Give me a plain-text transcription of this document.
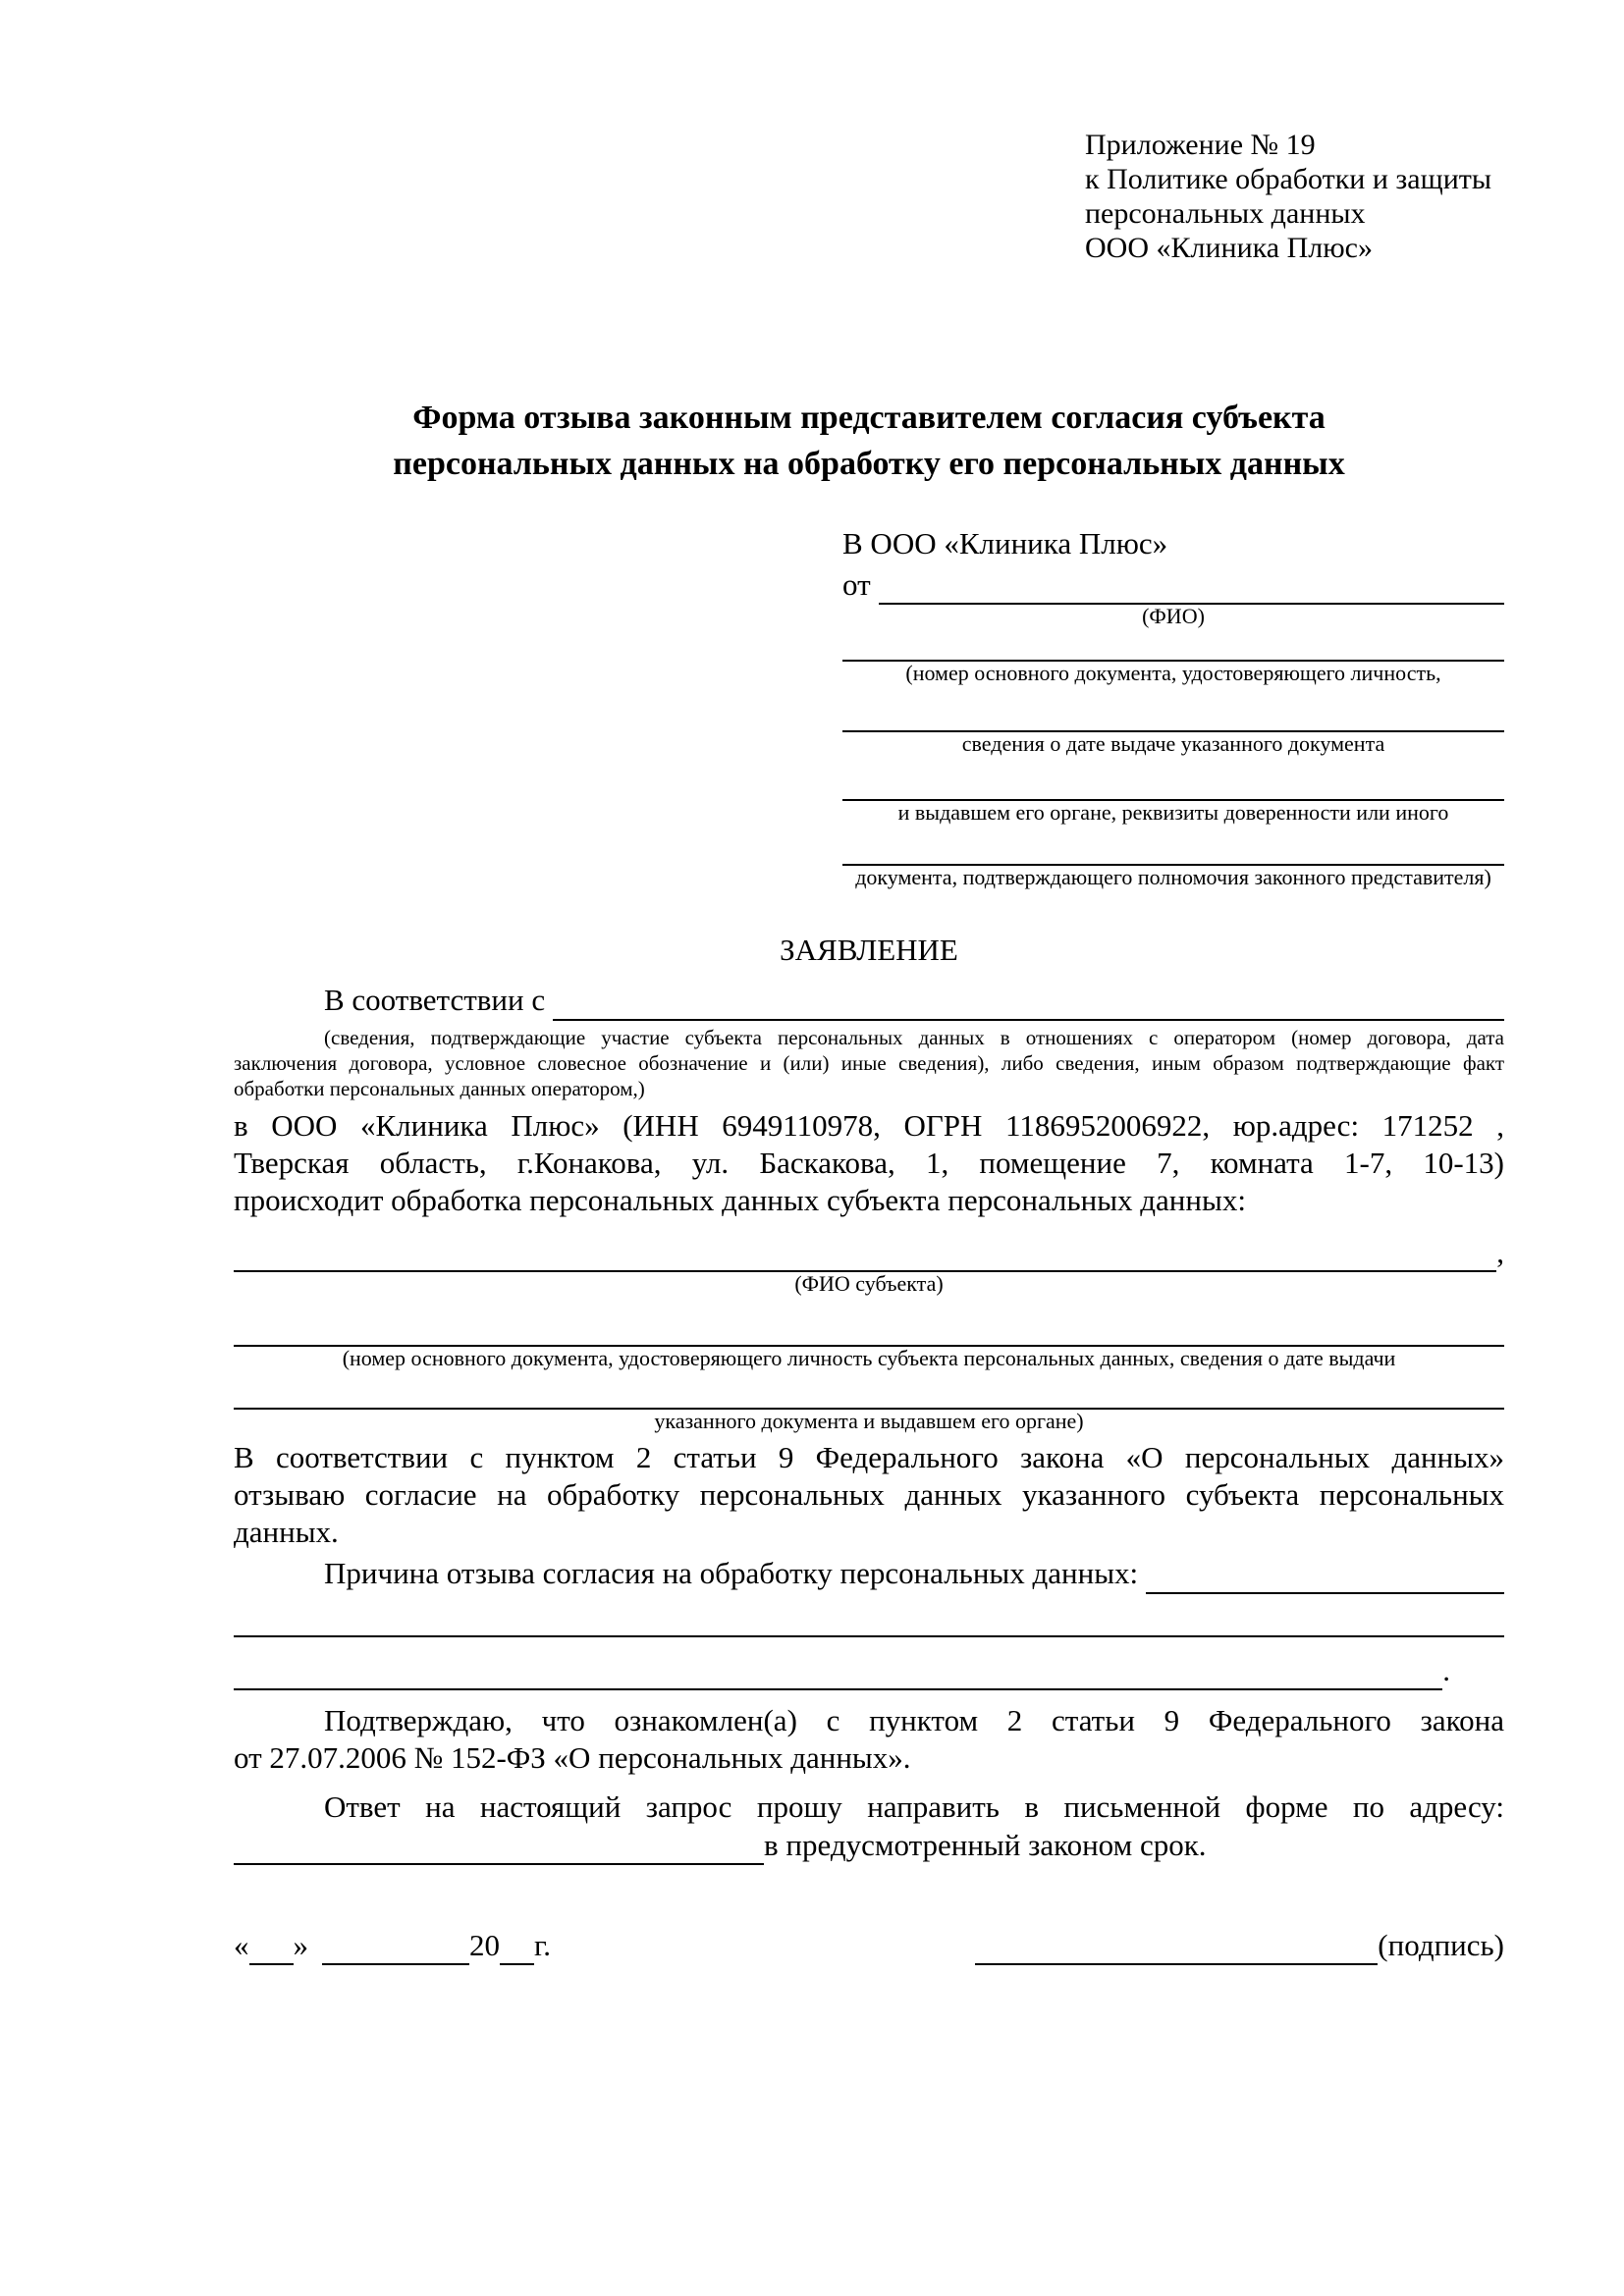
Приложение № 19
к Политике обработки и защиты
персональных данных
ООО «Клиника Плюс»
Форма отзыва законным представителем согласия субъекта
персональных данных на обработку его персональных данных
В ООО «Клиника Плюс»
от
(ФИО)
(номер основного документа, удостоверяющего личность,
сведения о дате выдаче указанного документа
и выдавшем его органе, реквизиты доверенности или иного
документа, подтверждающего полномочия законного представителя)
ЗАЯВЛЕНИЕ
В соответствии с
(сведения, подтверждающие участие субъекта персональных данных в отношениях с оператором (номер договора, дата
заключения договора, условное словесное обозначение и (или) иные сведения), либо сведения, иным образом подтверждающие факт
обработки персональных данных оператором,)
в ООО «Клиника Плюс» (ИНН 6949110978, ОГРН 1186952006922, юр.адрес: 171252 ,
Тверская область, г.Конакова, ул. Баскакова, 1, помещение 7, комната 1-7, 10-13)
происходит обработка персональных данных субъекта персональных данных:
,
(ФИО субъекта)
(номер основного документа, удостоверяющего личность субъекта персональных данных, сведения о дате выдачи
указанного документа и выдавшем его органе)
В соответствии с пунктом 2 статьи 9 Федерального закона «О персональных данных»
отзываю согласие на обработку персональных данных указанного субъекта персональных
данных.
Причина отзыва согласия на обработку персональных данных:
.
Подтверждаю, что ознакомлен(а) с пунктом 2 статьи 9 Федерального закона
от 27.07.2006 № 152-ФЗ «О персональных данных».
Ответ на настоящий запрос прошу направить в письменной форме по адресу:
в предусмотренный законом срок.
« »	20 г.	(подпись)
